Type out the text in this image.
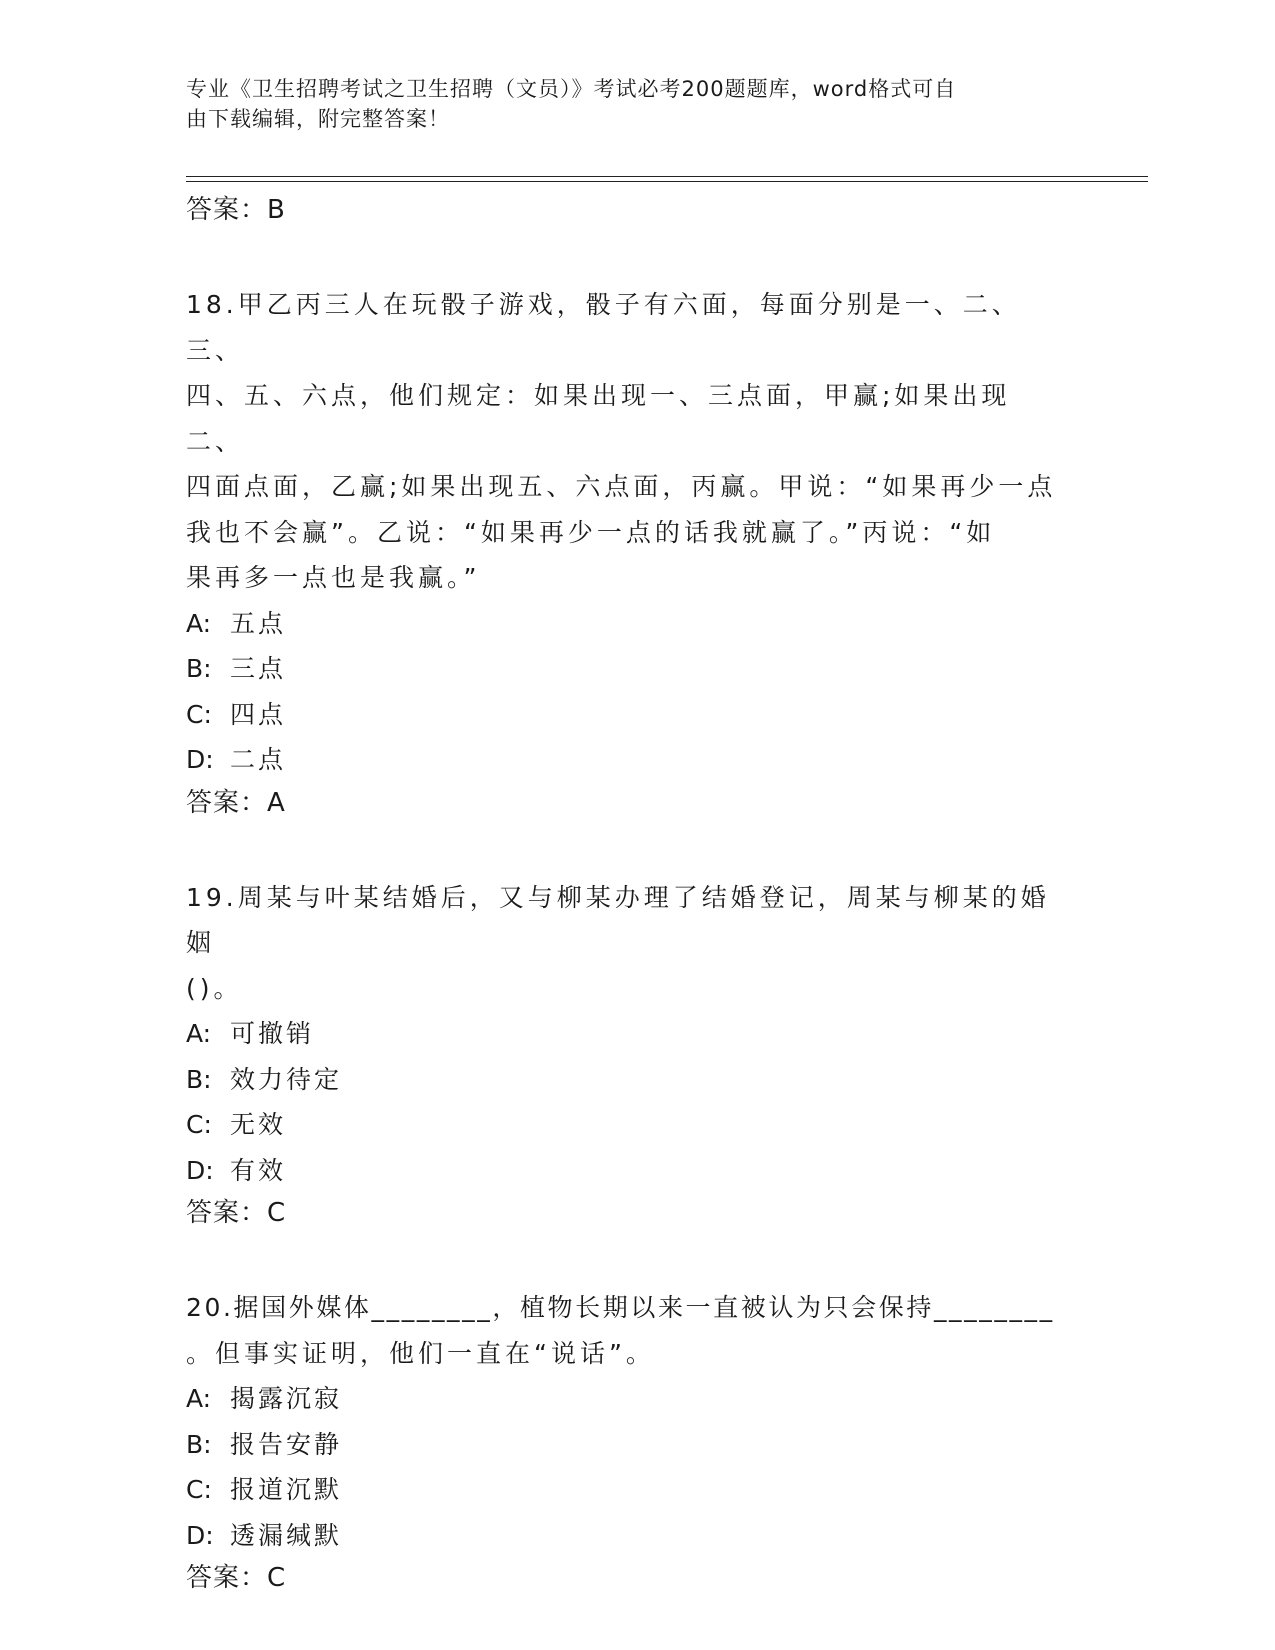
专业《卫生招聘考试之卫生招聘（文员）》考试必考200题题库，word格式可自
由下载编辑，附完整答案！
答案：B
18.甲乙丙三人在玩骰子游戏，骰子有六面，每面分别是一、二、三、
四、五、六点，他们规定：如果出现一、三点面，甲赢;如果出现二、
四面点面，乙赢;如果出现五、六点面，丙赢。甲说：“如果再少一点
我也不会赢”。乙说：“如果再少一点的话我就赢了。”丙说：“如
果再多一点也是我赢。”
A: 五点
B: 三点
C: 四点
D: 二点
答案：A
19.周某与叶某结婚后，又与柳某办理了结婚登记，周某与柳某的婚姻
()。
A: 可撤销
B: 效力待定
C: 无效
D: 有效
答案：C
20.据国外媒体________，植物长期以来一直被认为只会保持________
。但事实证明，他们一直在“说话”。
A: 揭露沉寂
B: 报告安静
C: 报道沉默
D: 透漏缄默
答案：C
